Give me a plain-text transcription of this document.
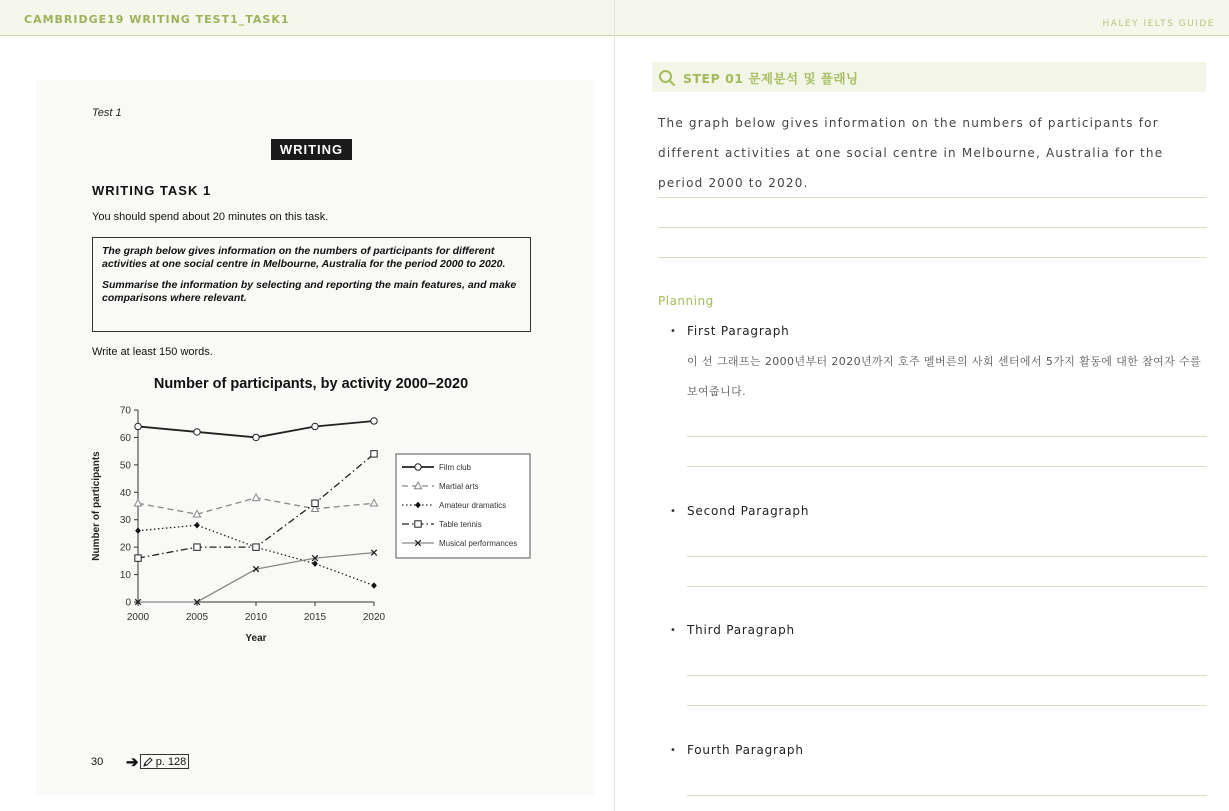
CAMBRIDGE19 WRITING TEST1_TASK1	HALEY IELTS GUIDE
Test 1
WRITING
WRITING TASK 1
You should spend about 20 minutes on this task.

The graph below gives information on the numbers of participants for different activities at one social centre in Melbourne, Australia for the period 2000 to 2020.

Summarise the information by selecting and reporting the main features, and make comparisons where relevant.

Write at least 150 words.
Number of participants, by activity 2000–2020
0
10
20
30
40
50
60
70
2000	2005	2010	2015	2020
Year
Number of participants	Film club
Martial arts
Amateur dramatics
Table tennis
Musical performances
30 ➔ p. 128
STEP 01 문제분석 및 플래닝
The graph below gives information on the numbers of participants for different activities at one social centre in Melbourne, Australia for the period 2000 to 2020.
Planning
• First Paragraph
이 선 그래프는 2000년부터 2020년까지 호주 멜버른의 사회 센터에서 5가지 활동에 대한 참여자 수를 보여줍니다.
• Second Paragraph
• Third Paragraph
• Fourth Paragraph
